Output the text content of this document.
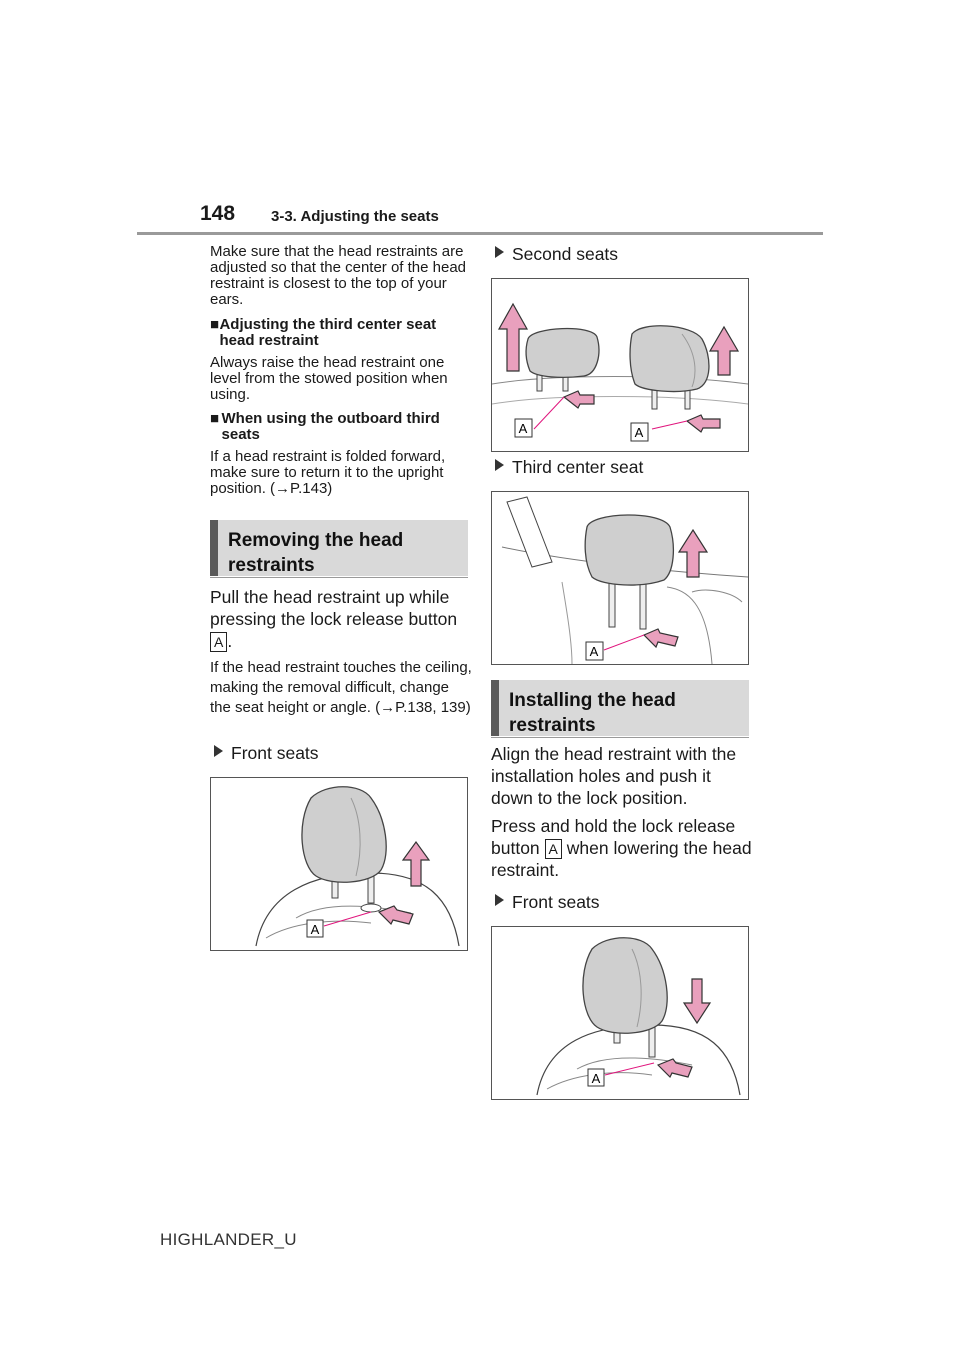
148 3-3. Adjusting the seats
Make sure that the head restraints are adjusted so that the center of the head restraint is closest to the top of your ears.
■ Adjusting the third center seat head restraint
Always raise the head restraint one level from the stowed position when using.
■ When using the outboard third seats
If a head restraint is folded forward, make sure to return it to the upright position. (→P.143)
Removing the head restraints
Pull the head restraint up while pressing the lock release button
A .
If the head restraint touches the ceiling, making the removal difficult, change the seat height or angle. (→P.138, 139)
Front seats
A
Second seats
A	A
Third center seat
A
Installing the head restraints
Align the head restraint with the installation holes and push it down to the lock position.
Press and hold the lock release
button A when lowering the head restraint.
Front seats
A
HIGHLANDER_U
